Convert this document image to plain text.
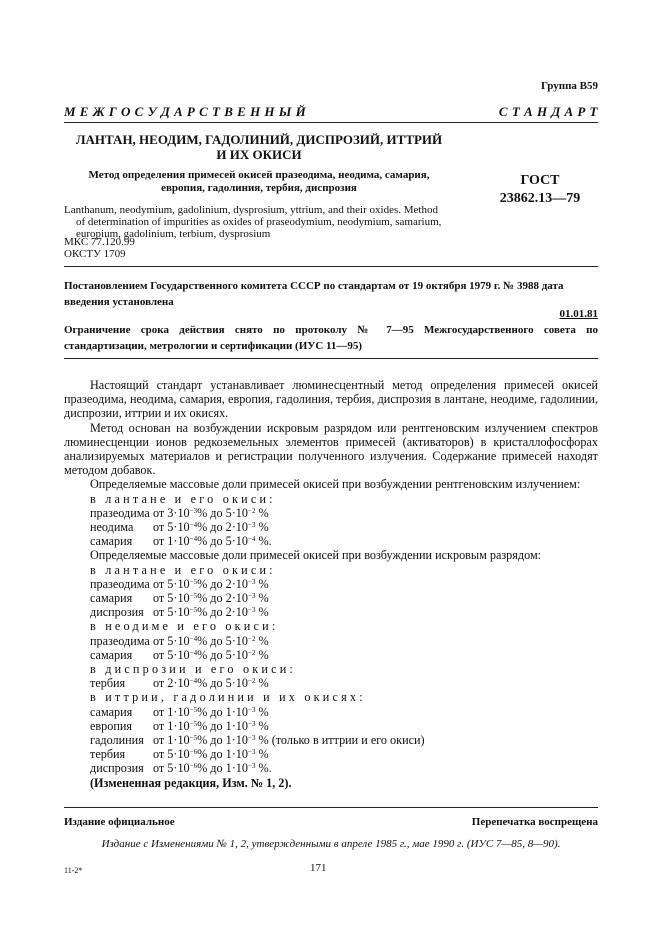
Группа В59
М Е Ж Г О С У Д А Р С Т В Е Н Н Ы Й	С Т А Н Д А Р Т
ЛАНТАН, НЕОДИМ, ГАДОЛИНИЙ, ДИСПРОЗИЙ, ИТТРИЙ
И ИХ ОКИСИ
Метод определения примесей окисей празеодима, неодима, самария,
европия, гадолиния, тербия, диспрозия	ГОСТ
23862.13—79
Lanthanum, neodymium, gadolinium, dysprosium, yttrium, and their oxides. Method
of determination of impurities as oxides of praseodymium, neodymium, samarium,
europium, gadolinium, terbium, dysprosium
МКС 77.120.99
ОКСТУ 1709
Постановлением Государственного комитета СССР по стандартам от 19 октября 1979 г. № 3988 дата введения установлена
01.01.81
Ограничение срока действия снято по протоколу № 7—95 Межгосударственного совета по стандартизации, метрологии и сертификации (ИУС 11—95)

Настоящий стандарт устанавливает люминесцентный метод определения примесей окисей празеодима, неодима, самария, европия, гадолиния, тербия, диспрозия в лантане, неодиме, гадолинии, диспрозии, иттрии и их окисях.

Метод основан на возбуждении искровым разрядом или рентгеновским излучением спектров люминесценции ионов редкоземельных элементов примесей (активаторов) в кристаллофосфорах анализируемых материалов и регистрации полученного излучения. Содержание примесей находят методом добавок.

Определяемые массовые доли примесей окисей при возбуждении рентгеновским излучением:
в лантане и его окиси:
празеодима от $3\cdot 10^{-3}\%$ до $5\cdot 10^{-2}$ %
неодима	от $5\cdot 10^{-4}\%$ до $2\cdot 10^{-3}$ %
самария	от $1\cdot 10^{-4}\%$ до $5\cdot 10^{-4}$ %.
Определяемые массовые доли примесей окисей при возбуждении искровым разрядом:
в лантане и его окиси:
празеодима от $5\cdot 10^{-5}\%$ до $2\cdot 10^{-3}$ %
самария	от $5\cdot 10^{-5}\%$ до $2\cdot 10^{-3}$ %
диспрозия от $5\cdot 10^{-5}\%$ до $2\cdot 10^{-3}$ %
в неодиме и его окиси:
празеодима от $5\cdot 10^{-4}\%$ до $5\cdot 10^{-2}$ %
самария	от $5\cdot 10^{-4}\%$ до $5\cdot 10^{-2}$ %
в диспрозии и его окиси:
тербия	от $2\cdot 10^{-4}\%$ до $5\cdot 10^{-2}$ %
в иттрии, гадолинии и их окисях:
самария	от $1\cdot 10^{-5}\%$ до $1\cdot 10^{-3}$ %
европия	от $1\cdot 10^{-5}\%$ до $1\cdot 10^{-3}$ %
гадолиния от $1\cdot 10^{-5}\%$ до $1\cdot 10^{-3}$ % (только в иттрии и его окиси)
тербия	от $5\cdot 10^{-6}\%$ до $1\cdot 10^{-3}$ %
диспрозия от $5\cdot 10^{-6}\%$ до $1\cdot 10^{-3}$ %.
(Измененная редакция, Изм. № 1, 2).
Издание официальное	Перепечатка воспрещена
Издание с Изменениями № 1, 2, утвержденными в апреле 1985 г., мае 1990 г. (ИУС 7—85, 8—90).
11-2*	171
